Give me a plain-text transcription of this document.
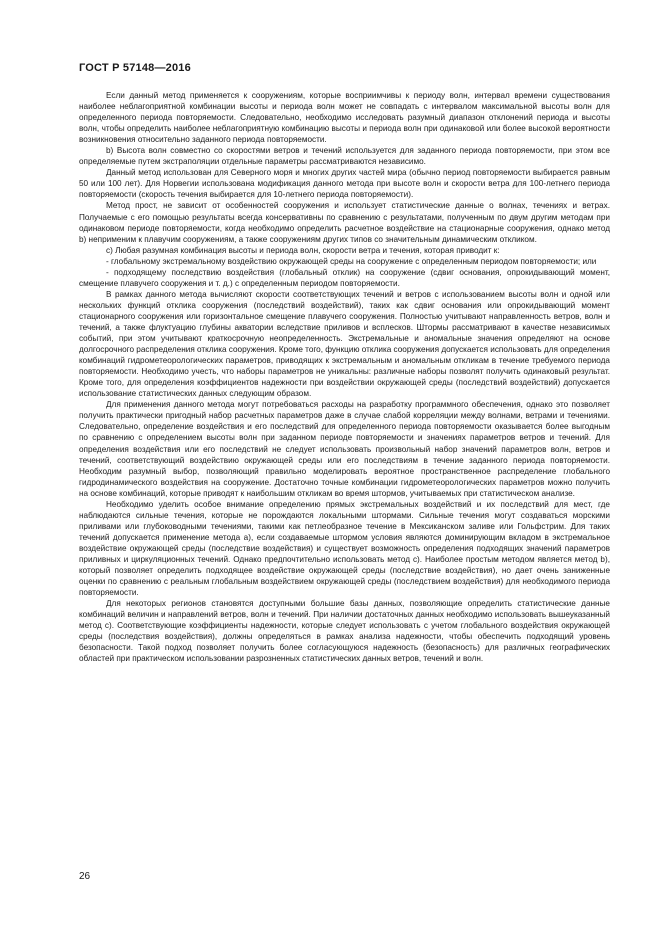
ГОСТ Р 57148—2016

Если данный метод применяется к сооружениям, которые восприимчивы к периоду волн, интервал времени существования наиболее неблагоприятной комбинации высоты и периода волн может не совпадать с интервалом максимальной высоты волн для определенного периода повторяемости. Следовательно, необходимо исследовать разумный диапазон отклонений периода и высоты волн, чтобы определить наиболее неблагоприятную комбинацию высоты и периода волн при одинаковой или более высокой вероятности возникновения относительно заданного периода повторяемости.

b) Высота волн совместно со скоростями ветров и течений используется для заданного периода повторяемости, при этом все определяемые путем экстраполяции отдельные параметры рассматриваются независимо.

Данный метод использован для Северного моря и многих других частей мира (обычно период повторяемости выбирается равным 50 или 100 лет). Для Норвегии использована модификация данного метода при высоте волн и скорости ветра для 100-летнего периода повторяемости (скорость течения выбирается для 10-летнего периода повторяемости).

Метод прост, не зависит от особенностей сооружения и использует статистические данные о волнах, течениях и ветрах. Получаемые с его помощью результаты всегда консервативны по сравнению с результатами, полученным по двум другим методам при одинаковом периоде повторяемости, когда необходимо определить расчетное воздействие на стационарные сооружения, однако метод b) неприменим к плавучим сооружениям, а также сооружениям других типов со значительным динамическим откликом.

c) Любая разумная комбинация высоты и периода волн, скорости ветра и течения, которая приводит к:

- глобальному экстремальному воздействию окружающей среды на сооружение с определенным периодом повторяемости; или

- подходящему последствию воздействия (глобальный отклик) на сооружение (сдвиг основания, опрокидывающий момент, смещение плавучего сооружения и т. д.) с определенным периодом повторяемости.

В рамках данного метода вычисляют скорости соответствующих течений и ветров с использованием высоты волн и одной или нескольких функций отклика сооружения (последствий воздействий), таких как сдвиг основания или опрокидывающий момент стационарного сооружения или горизонтальное смещение плавучего сооружения. Полностью учитывают направленность ветров, волн и течений, а также флуктуацию глубины акватории вследствие приливов и всплесков. Штормы рассматривают в качестве независимых событий, при этом учитывают краткосрочную неопределенность. Экстремальные и аномальные значения определяют на основе долгосрочного распределения отклика сооружения. Кроме того, функцию отклика сооружения допускается использовать для определения комбинаций гидрометеорологических параметров, приводящих к экстремальным и аномальным откликам в течение требуемого периода повторяемости. Необходимо учесть, что наборы параметров не уникальны: различные наборы позволят получить одинаковый результат. Кроме того, для определения коэффициентов надежности при воздействии окружающей среды (последствий воздействий) допускается использование статистических данных следующим образом.

Для применения данного метода могут потребоваться расходы на разработку программного обеспечения, однако это позволяет получить практически пригодный набор расчетных параметров даже в случае слабой корреляции между волнами, ветрами и течениями. Следовательно, определение воздействия и его последствий для определенного периода повторяемости оказывается более выгодным по сравнению с определением высоты волн при заданном периоде повторяемости и значениях параметров ветров и течений. Для определения воздействия или его последствий не следует использовать произвольный набор значений параметров волн, ветров и течений, соответствующий воздействию окружающей среды или его последствиям в течение заданного периода повторяемости. Необходим разумный выбор, позволяющий правильно моделировать вероятное пространственное распределение глобального гидродинамического воздействия на сооружение. Достаточно точные комбинации гидрометеорологических параметров можно получить на основе комбинаций, которые приводят к наибольшим откликам во время штормов, учитываемых при статистическом анализе.

Необходимо уделить особое внимание определению прямых экстремальных воздействий и их последствий для мест, где наблюдаются сильные течения, которые не порождаются локальными штормами. Сильные течения могут создаваться морскими приливами или глубоководными течениями, такими как петлеобразное течение в Мексиканском заливе или Гольфстрим. Для таких течений допускается применение метода a), если создаваемые штормом условия являются доминирующим вкладом в экстремальное воздействие окружающей среды (последствие воздействия) и существует возможность определения подходящих значений параметров приливных и циркуляционных течений. Однако предпочтительно использовать метод c). Наиболее простым методом является метод b), который позволяет определить подходящее воздействие окружающей среды (последствие воздействия), но дает очень заниженные оценки по сравнению с реальным глобальным воздействием окружающей среды (последствием воздействия) для необходимого периода повторяемости.

Для некоторых регионов становятся доступными большие базы данных, позволяющие определить статистические данные комбинаций величин и направлений ветров, волн и течений. При наличии достаточных данных необходимо использовать вышеуказанный метод c). Соответствующие коэффициенты надежности, которые следует использовать с учетом глобального воздействия окружающей среды (последствия воздействия), должны определяться в рамках анализа надежности, чтобы обеспечить подходящий уровень безопасности. Такой подход позволяет получить более согласующуюся надежность (безопасность) для различных географических областей при практическом использовании разрозненных статистических данных ветров, течений и волн.

26
